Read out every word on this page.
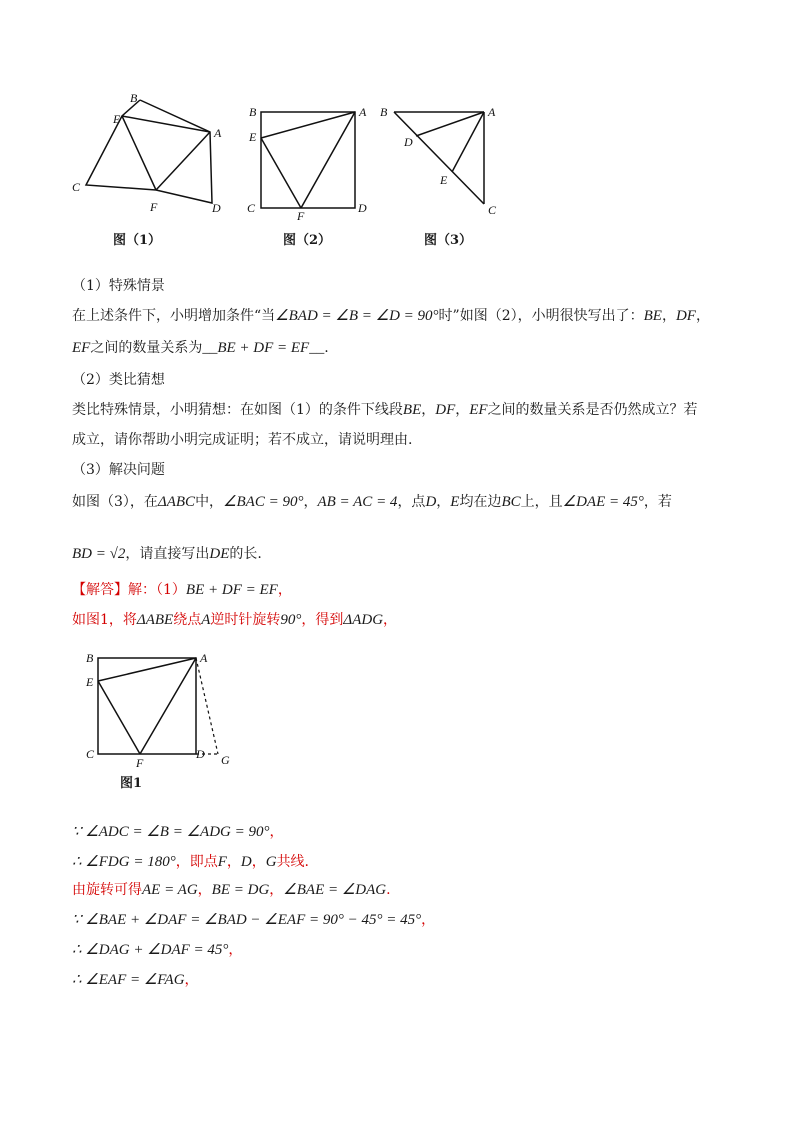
B
E
A
C
F	D
图（1）
B	A
E
C
F
D
图（2）
B	A
D
E
C
图（3）
（1）特殊情景
在上述条件下，小明增加条件“当∠BAD = ∠B = ∠D = 90°时”如图（2），小明很快写出了：BE，DF，
EF之间的数量关系为__BE + DF = EF__.
（2）类比猜想
类比特殊情景，小明猜想：在如图（1）的条件下线段BE，DF，EF之间的数量关系是否仍然成立？若
成立，请你帮助小明完成证明；若不成立，请说明理由.
（3）解决问题
如图（3），在ΔABC中，∠BAC = 90°，AB = AC = 4，点D，E均在边BC上，且∠DAE = 45°，若
BD = √2，请直接写出DE的长.
【解答】解：（1）BE + DF = EF，
如图1，将ΔABE绕点A逆时针旋转90°，得到ΔADG，
B	A
E
C
F
D G
图1
∵ ∠ADC = ∠B = ∠ADG = 90°，
∴ ∠FDG = 180°，即点F，D，G共线.
由旋转可得AE = AG，BE = DG，∠BAE = ∠DAG.
∵ ∠BAE + ∠DAF = ∠BAD − ∠EAF = 90° − 45° = 45°，
∴ ∠DAG + ∠DAF = 45°，
∴ ∠EAF = ∠FAG，
